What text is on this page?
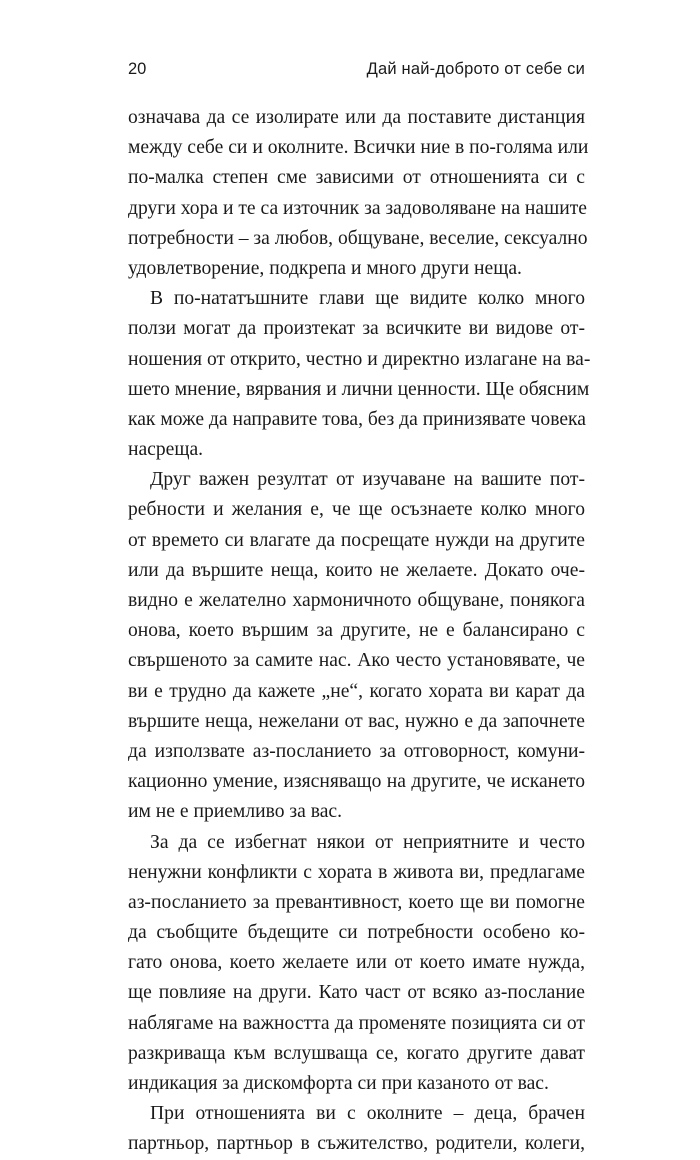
20	Дай най-доброто от себе си
означава да се изолирате или да поставите дистанция
между себе си и околните. Всички ние в по-голяма или
по-малка степен сме зависими от отношенията си с
други хора и те са източник за задоволяване на нашите
потребности – за любов, общуване, веселие, сексуално
удовлетворение, подкрепа и много други неща.
В по-нататъшните глави ще видите колко много
ползи могат да произтекат за всичките ви видове от-
ношения от открито, честно и директно излагане на ва-
шето мнение, вярвания и лични ценности. Ще обясним
как може да направите това, без да принизявате човека
насреща.
Друг важен резултат от изучаване на вашите пот-
ребности и желания е, че ще осъзнаете колко много
от времето си влагате да посрещате нужди на другите
или да вършите неща, които не желаете. Докато оче-
видно е желателно хармоничното общуване, понякога
онова, което вършим за другите, не е балансирано с
свършеното за самите нас. Ако често установявате, че
ви е трудно да кажете „не“, когато хората ви карат да
вършите неща, нежелани от вас, нужно е да започнете
да използвате аз-посланието за отговорност, комуни-
кационно умение, изясняващо на другите, че искането
им не е приемливо за вас.
За да се избегнат някои от неприятните и често
ненужни конфликти с хората в живота ви, предлагаме
аз-посланието за превантивност, което ще ви помогне
да съобщите бъдещите си потребности особено ко-
гато онова, което желаете или от което имате нужда,
ще повлияе на други. Като част от всяко аз-послание
наблягаме на важността да променяте позицията си от
разкриваща към вслушваща се, когато другите дават
индикация за дискомфорта си при казаното от вас.
При отношенията ви с околните – деца, брачен
партньор, партньор в съжителство, родители, колеги,
